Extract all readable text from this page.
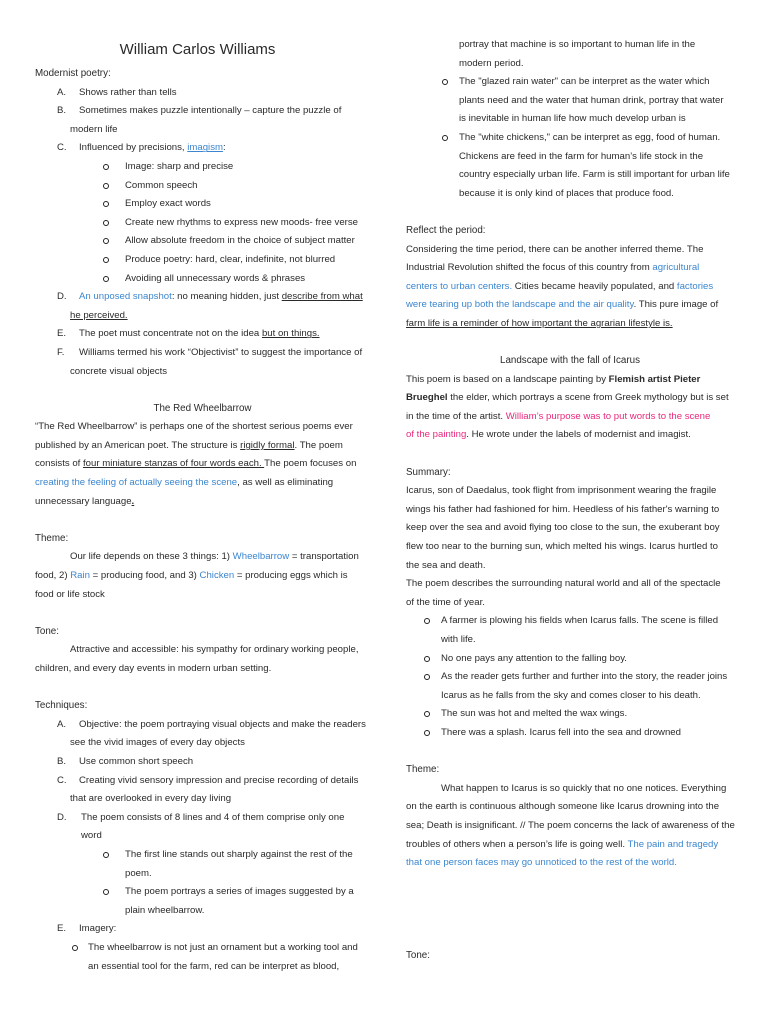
William Carlos Williams
Modernist poetry:
A. Shows rather than tells
B. Sometimes makes puzzle intentionally – capture the puzzle of
modern life
C. Influenced by precisions, imagism:
Image: sharp and precise
Common speech
Employ exact words
Create new rhythms to express new moods- free verse
Allow absolute freedom in the choice of subject matter
Produce poetry: hard, clear, indefinite, not blurred
Avoiding all unnecessary words & phrases
D. An unposed snapshot: no meaning hidden, just describe from what
he perceived.
E. The poet must concentrate not on the idea but on things.
F. Williams termed his work “Objectivist” to suggest the importance of
concrete visual objects
The Red Wheelbarrow
“The Red Wheelbarrow” is perhaps one of the shortest serious poems ever
published by an American poet. The structure is rigidly formal. The poem
consists of four miniature stanzas of four words each. The poem focuses on
creating the feeling of actually seeing the scene, as well as eliminating
unnecessary language.
Theme:
Our life depends on these 3 things: 1) Wheelbarrow = transportation
food, 2) Rain = producing food, and 3) Chicken = producing eggs which is
food or life stock
Tone:
Attractive and accessible: his sympathy for ordinary working people,
children, and every day events in modern urban setting.
Techniques:
A. Objective: the poem portraying visual objects and make the readers
see the vivid images of every day objects
B. Use common short speech
C. Creating vivid sensory impression and precise recording of details
that are overlooked in every day living
D. The poem consists of 8 lines and 4 of them comprise only one
word
The first line stands out sharply against the rest of the
poem.
The poem portrays a series of images suggested by a
plain wheelbarrow.
E. Imagery:
The wheelbarrow is not just an ornament but a working tool and
an essential tool for the farm, red can be interpret as blood,
portray that machine is so important to human life in the
modern period.
The "glazed rain water" can be interpret as the water which
plants need and the water that human drink, portray that water
is inevitable in human life how much develop urban is
The "white chickens," can be interpret as egg, food of human.
Chickens are feed in the farm for human’s life stock in the
country especially urban life. Farm is still important for urban life
because it is only kind of places that produce food.
Reflect the period:
Considering the time period, there can be another inferred theme. The
Industrial Revolution shifted the focus of this country from agricultural
centers to urban centers. Cities became heavily populated, and factories
were tearing up both the landscape and the air quality. This pure image of
farm life is a reminder of how important the agrarian lifestyle is.
Landscape with the fall of Icarus
This poem is based on a landscape painting by Flemish artist Pieter
Brueghel the elder, which portrays a scene from Greek mythology but is set
in the time of the artist. William’s purpose was to put words to the scene
of the painting. He wrote under the labels of modernist and imagist.
Summary:
Icarus, son of Daedalus, took flight from imprisonment wearing the fragile
wings his father had fashioned for him. Heedless of his father's warning to
keep over the sea and avoid flying too close to the sun, the exuberant boy
flew too near to the burning sun, which melted his wings. Icarus hurtled to
the sea and death.
The poem describes the surrounding natural world and all of the spectacle
of the time of year.
A farmer is plowing his fields when Icarus falls. The scene is filled
with life.
No one pays any attention to the falling boy.
As the reader gets further and further into the story, the reader joins
Icarus as he falls from the sky and comes closer to his death.
The sun was hot and melted the wax wings.
There was a splash. Icarus fell into the sea and drowned
Theme:
What happen to Icarus is so quickly that no one notices. Everything
on the earth is continuous although someone like Icarus drowning into the
sea; Death is insignificant. // The poem concerns the lack of awareness of the
troubles of others when a person’s life is going well. The pain and tragedy
that one person faces may go unnoticed to the rest of the world.
Tone:
